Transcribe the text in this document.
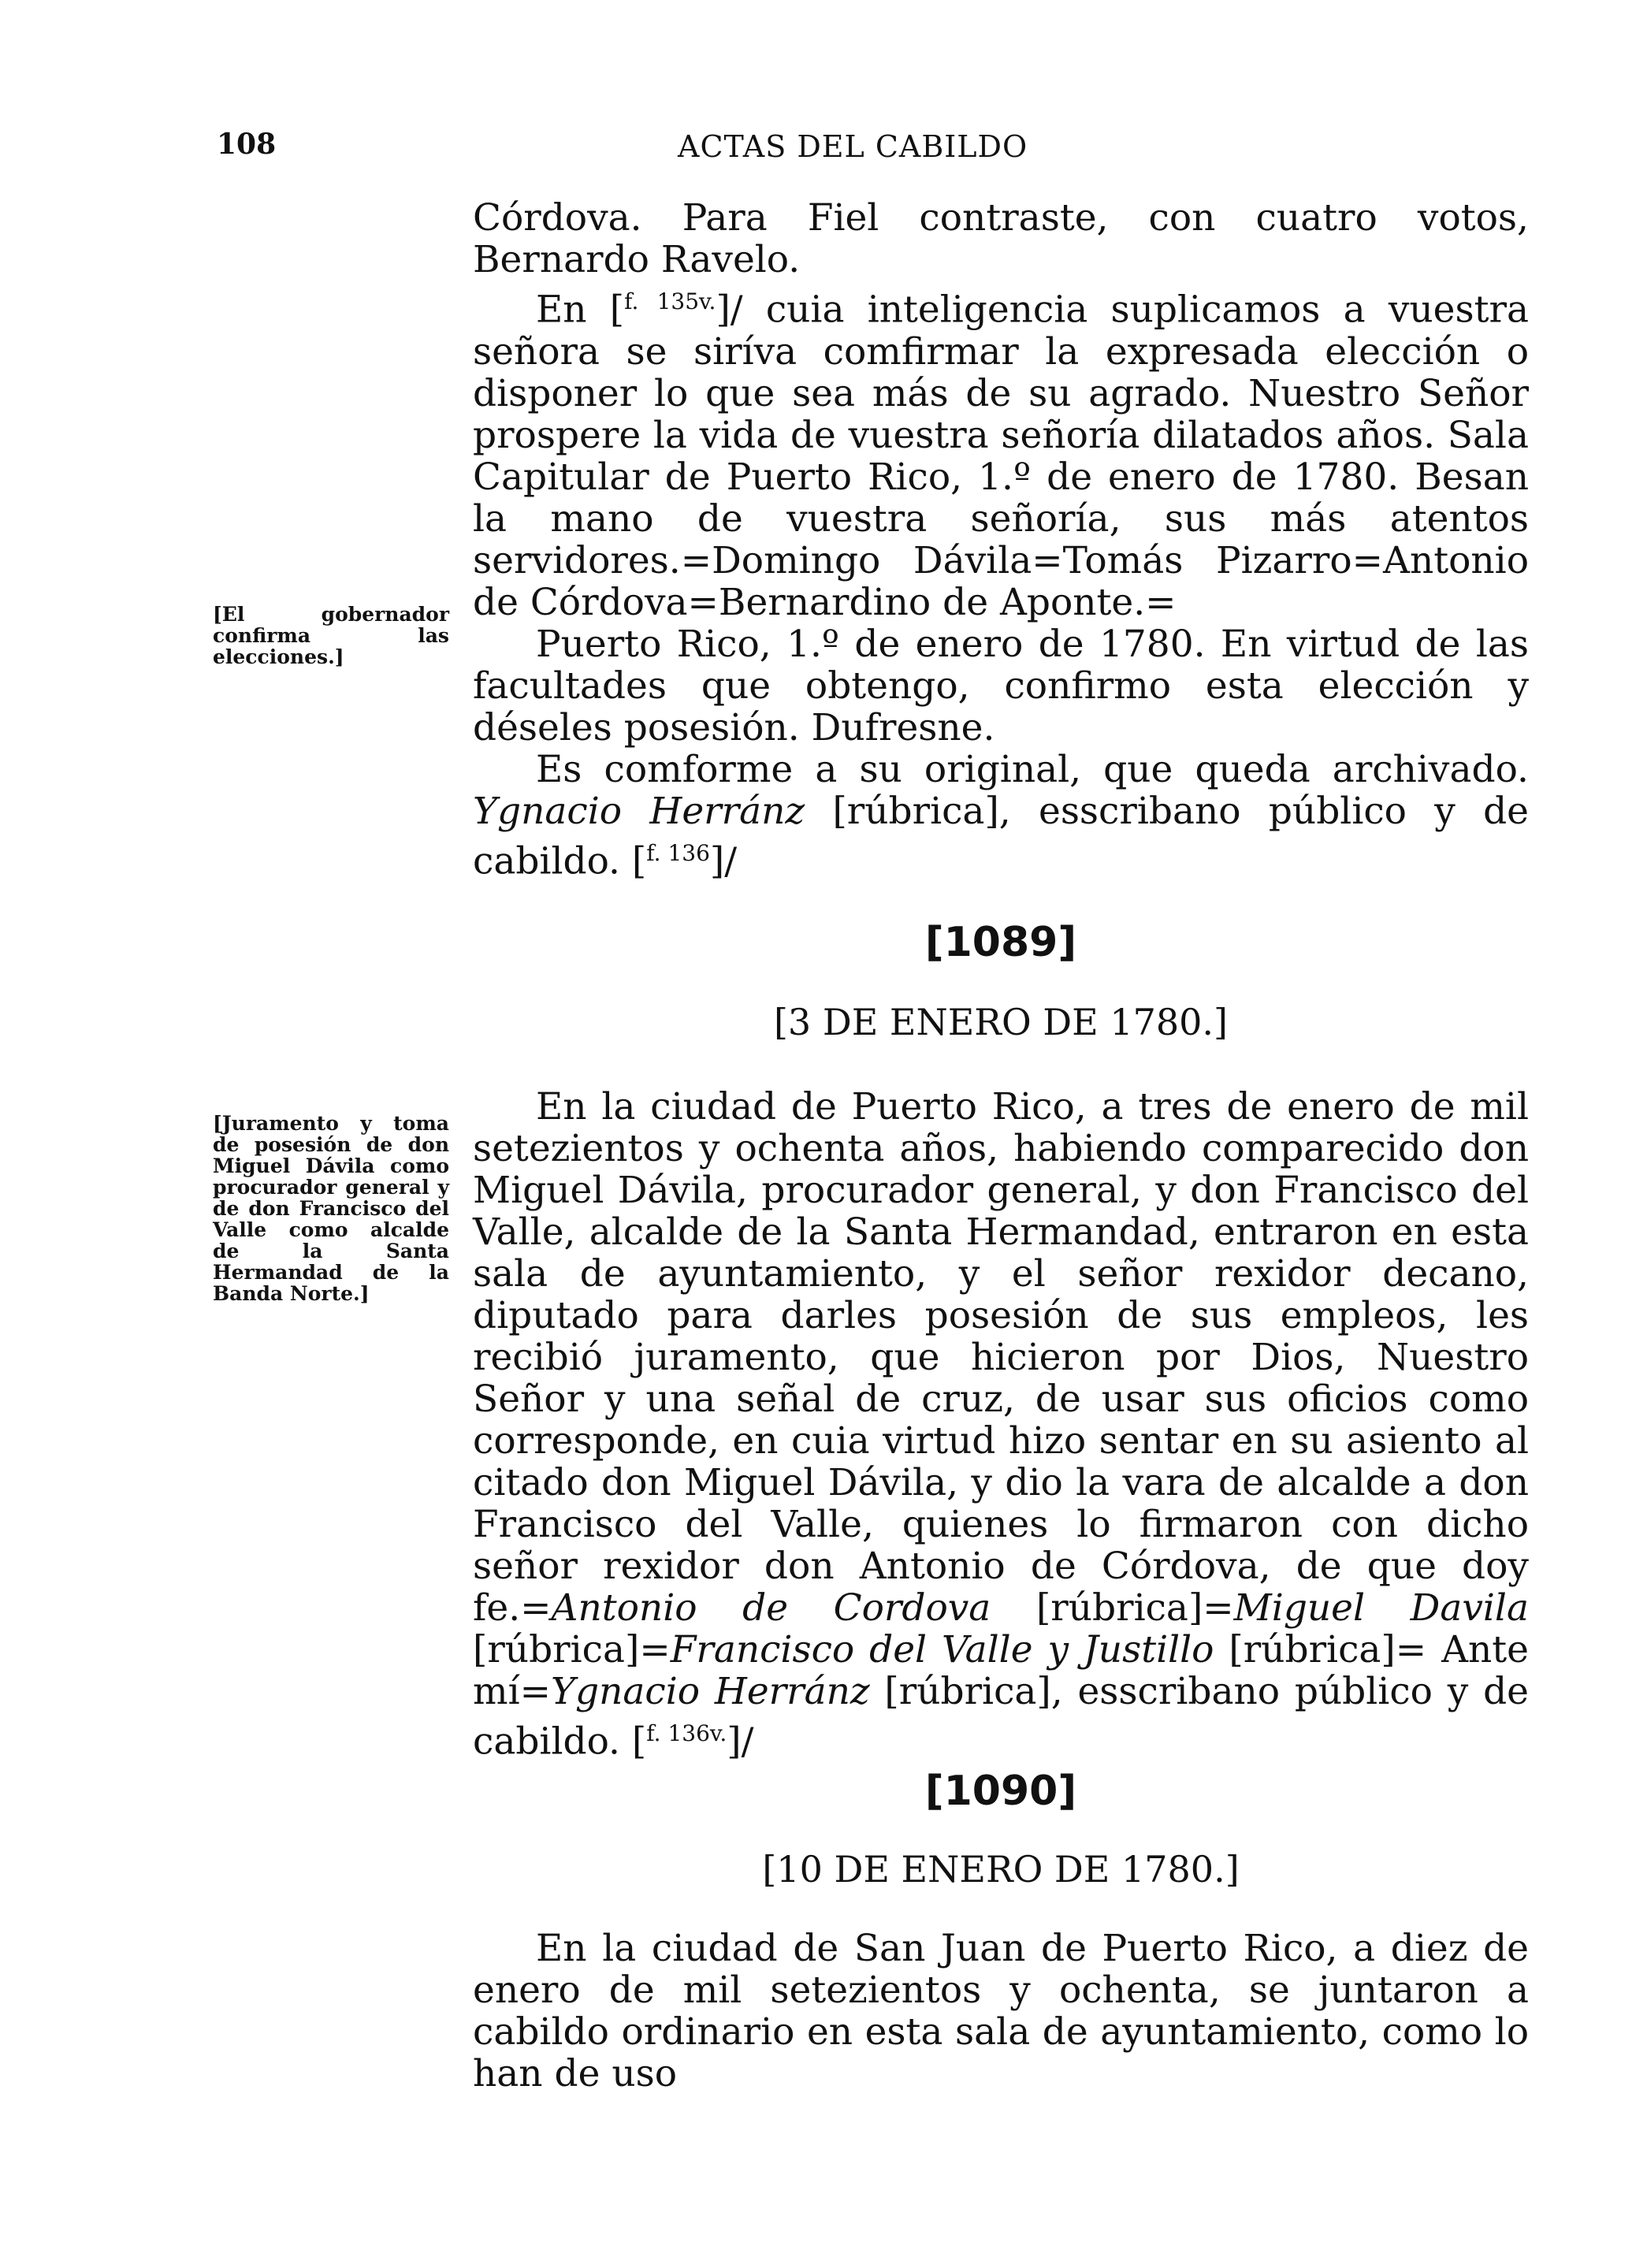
108	ACTAS DEL CABILDO
[El gobernador confirma las elecciones.]
[Juramento y toma de posesión de don Miguel Dávila como procurador general y de don Francisco del Valle como alcalde de la Santa Hermandad de la Banda Norte.]

Córdova. Para Fiel contraste, con cuatro votos, Bernardo Ravelo.

En [$^{f. 135v.}$]/ cuia inteligencia suplicamos a vuestra señora se siríva comfirmar la expresada elección o disponer lo que sea más de su agrado. Nuestro Señor prospere la vida de vuestra señoría dilatados años. Sala Capitular de Puerto Rico, 1.º de enero de 1780. Besan la mano de vuestra señoría, sus más atentos servidores.=Domingo Dávila=Tomás Pizarro=Antonio de Córdova=Bernardino de Aponte.=

Puerto Rico, 1.º de enero de 1780. En virtud de las facultades que obtengo, confirmo esta elección y déseles posesión. Dufresne.

Es comforme a su original, que queda archivado. Ygnacio Herránz [rúbrica], esscribano público y de cabildo. [$^{f. 136}$]/

[1089]
[3 DE ENERO DE 1780.]

En la ciudad de Puerto Rico, a tres de enero de mil setezientos y ochenta años, habiendo comparecido don Miguel Dávila, procurador general, y don Francisco del Valle, alcalde de la Santa Hermandad, entraron en esta sala de ayuntamiento, y el señor rexidor decano, diputado para darles posesión de sus empleos, les recibió juramento, que hicieron por Dios, Nuestro Señor y una señal de cruz, de usar sus oficios como corresponde, en cuia virtud hizo sentar en su asiento al citado don Miguel Dávila, y dio la vara de alcalde a don Francisco del Valle, quienes lo firmaron con dicho señor rexidor don Antonio de Córdova, de que doy fe.=Antonio de Cordova [rúbrica]=Miguel Davila [rúbrica]=Francisco del Valle y Justillo [rúbrica]= Ante mí=Ygnacio Herránz [rúbrica], esscribano público y de cabildo. [$^{f. 136v.}$]/

[1090]
[10 DE ENERO DE 1780.]

En la ciudad de San Juan de Puerto Rico, a diez de enero de mil setezientos y ochenta, se juntaron a cabildo ordinario en esta sala de ayuntamiento, como lo han de uso
